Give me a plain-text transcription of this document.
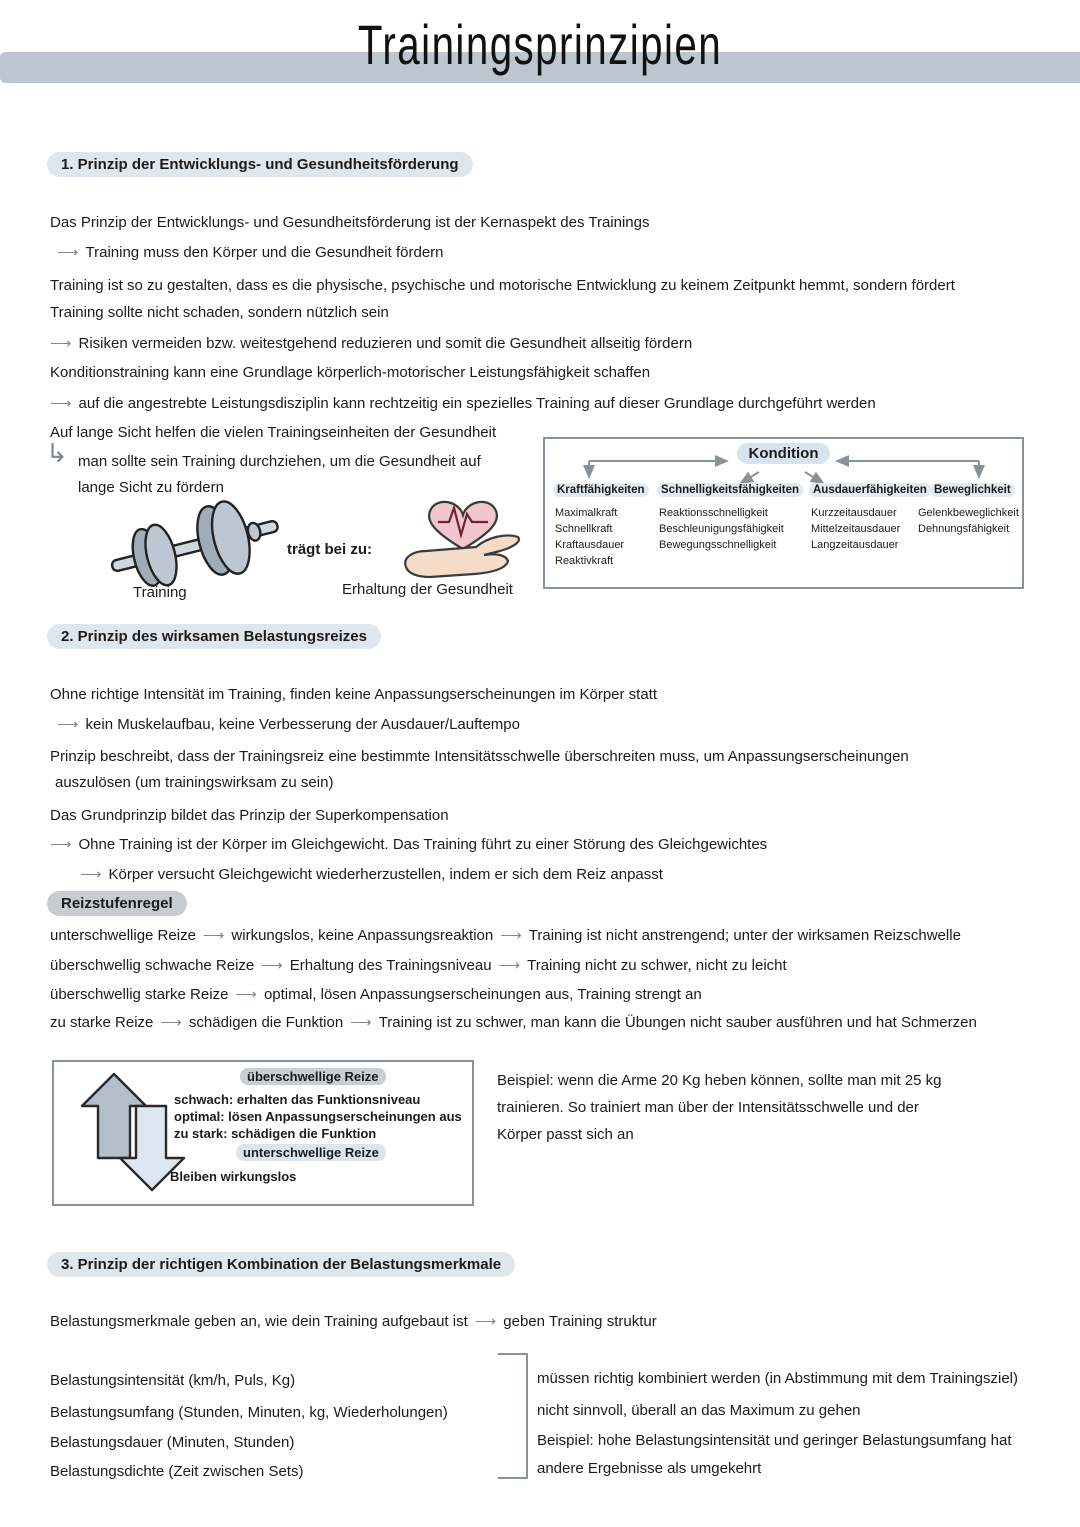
Trainingsprinzipien
1. Prinzip der Entwicklungs- und Gesundheitsförderung
Das Prinzip der Entwicklungs- und Gesundheitsförderung ist der Kernaspekt des Trainings
⟶ Training muss den Körper und die Gesundheit fördern
Training ist so zu gestalten, dass es die physische, psychische und motorische Entwicklung zu keinem Zeitpunkt hemmt, sondern fördert
Training sollte nicht schaden, sondern nützlich sein
⟶ Risiken vermeiden bzw. weitestgehend reduzieren und somit die Gesundheit allseitig fördern
Konditionstraining kann eine Grundlage körperlich-motorischer Leistungsfähigkeit schaffen
⟶ auf die angestrebte Leistungsdisziplin kann rechtzeitig ein spezielles Training auf dieser Grundlage durchgeführt werden
Auf lange Sicht helfen die vielen Trainingseinheiten der Gesundheit
↳ man sollte sein Training durchziehen, um die Gesundheit auf
lange Sicht zu fördern
Kondition
Kraftfähigkeiten	Schnelligkeitsfähigkeiten	Ausdauerfähigkeiten Beweglichkeit
Maximalkraft
Schnellkraft
Kraftausdauer
Reaktivkraft
Reaktionsschnelligkeit
Beschleunigungsfähigkeit
Bewegungsschnelligkeit
Kurzzeitausdauer
Mittelzeitausdauer
Langzeitausdauer
Gelenkbeweglichkeit
Dehnungsfähigkeit
Training
trägt bei zu:
Erhaltung der Gesundheit
2. Prinzip des wirksamen Belastungsreizes
Ohne richtige Intensität im Training, finden keine Anpassungserscheinungen im Körper statt
⟶ kein Muskelaufbau, keine Verbesserung der Ausdauer/Lauftempo
Prinzip beschreibt, dass der Trainingsreiz eine bestimmte Intensitätsschwelle überschreiten muss, um Anpassungserscheinungen
auszulösen (um trainingswirksam zu sein)
Das Grundprinzip bildet das Prinzip der Superkompensation
⟶ Ohne Training ist der Körper im Gleichgewicht. Das Training führt zu einer Störung des Gleichgewichtes
⟶ Körper versucht Gleichgewicht wiederherzustellen, indem er sich dem Reiz anpasst
Reizstufenregel
unterschwellige Reize ⟶ wirkungslos, keine Anpassungsreaktion ⟶ Training ist nicht anstrengend; unter der wirksamen Reizschwelle
überschwellig schwache Reize ⟶ Erhaltung des Trainingsniveau ⟶ Training nicht zu schwer, nicht zu leicht
überschwellig starke Reize ⟶ optimal, lösen Anpassungserscheinungen aus, Training strengt an
zu starke Reize ⟶ schädigen die Funktion ⟶ Training ist zu schwer, man kann die Übungen nicht sauber ausführen und hat Schmerzen
überschwellige Reize
schwach: erhalten das Funktionsniveau
optimal: lösen Anpassungserscheinungen aus
zu stark: schädigen die Funktion
unterschwellige Reize
Bleiben wirkungslos
Beispiel: wenn die Arme 20 Kg heben können, sollte man mit 25 kg
trainieren. So trainiert man über der Intensitätsschwelle und der
Körper passt sich an
3. Prinzip der richtigen Kombination der Belastungsmerkmale
Belastungsmerkmale geben an, wie dein Training aufgebaut ist ⟶ geben Training struktur
Belastungsintensität (km/h, Puls, Kg)
Belastungsumfang (Stunden, Minuten, kg, Wiederholungen)
Belastungsdauer (Minuten, Stunden)
Belastungsdichte (Zeit zwischen Sets)
müssen richtig kombiniert werden (in Abstimmung mit dem Trainingsziel)
nicht sinnvoll, überall an das Maximum zu gehen
Beispiel: hohe Belastungsintensität und geringer Belastungsumfang hat
andere Ergebnisse als umgekehrt
